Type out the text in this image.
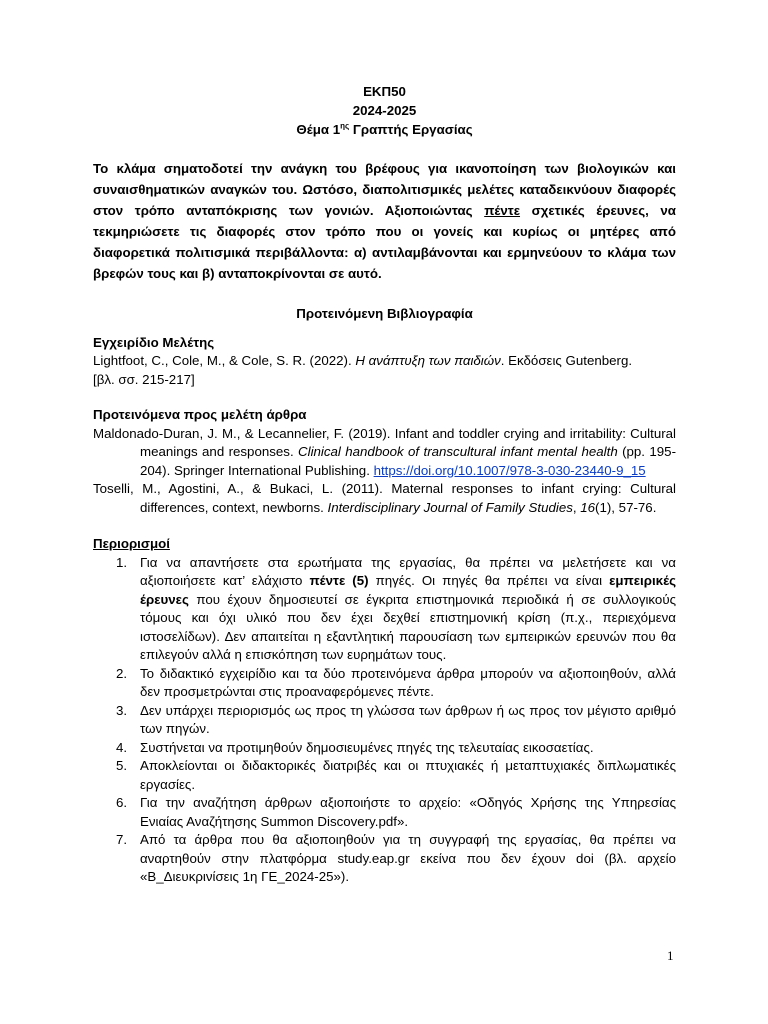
ΕΚΠ50
2024-2025
Θέμα $1^{\eta\varsigma}$ Γραπτής Εργασίας
Το κλάμα σηματοδοτεί την ανάγκη του βρέφους για ικανοποίηση των βιολογικών και συναισθηματικών αναγκών του. Ωστόσο, διαπολιτισμικές μελέτες καταδεικνύουν διαφορές στον τρόπο ανταπόκρισης των γονιών. Αξιοποιώντας πέντε σχετικές έρευνες, να τεκμηριώσετε τις διαφορές στον τρόπο που οι γονείς και κυρίως οι μητέρες από διαφορετικά πολιτισμικά περιβάλλοντα: α) αντιλαμβάνονται και ερμηνεύουν το κλάμα των βρεφών τους και β) ανταποκρίνονται σε αυτό.
Προτεινόμενη Βιβλιογραφία
Εγχειρίδιο Μελέτης
Lightfoot, C., Cole, M., & Cole, S. R. (2022). Η ανάπτυξη των παιδιών. Εκδόσεις Gutenberg.
[βλ. σσ. 215-217]
Προτεινόμενα προς μελέτη άρθρα
Maldonado-Duran, J. M., & Lecannelier, F. (2019). Infant and toddler crying and irritability: Cultural meanings and responses. Clinical handbook of transcultural infant mental health (pp. 195-204). Springer International Publishing. https://doi.org/10.1007/978-3-030-23440-9_15
Toselli, M., Agostini, A., & Bukaci, L. (2011). Maternal responses to infant crying: Cultural differences, context, newborns. Interdisciplinary Journal of Family Studies, 16(1), 57-76.
Περιορισμοί
1. Για να απαντήσετε στα ερωτήματα της εργασίας, θα πρέπει να μελετήσετε και να αξιοποιήσετε κατ’ ελάχιστο πέντε (5) πηγές. Οι πηγές θα πρέπει να είναι εμπειρικές έρευνες που έχουν δημοσιευτεί σε έγκριτα επιστημονικά περιοδικά ή σε συλλογικούς τόμους και όχι υλικό που δεν έχει δεχθεί επιστημονική κρίση (π.χ., περιεχόμενα ιστοσελίδων). Δεν απαιτείται η εξαντλητική παρουσίαση των εμπειρικών ερευνών που θα επιλεγούν αλλά η επισκόπηση των ευρημάτων τους.
2. Το διδακτικό εγχειρίδιο και τα δύο προτεινόμενα άρθρα μπορούν να αξιοποιηθούν, αλλά δεν προσμετρώνται στις προαναφερόμενες πέντε.
3. Δεν υπάρχει περιορισμός ως προς τη γλώσσα των άρθρων ή ως προς τον μέγιστο αριθμό των πηγών.
4. Συστήνεται να προτιμηθούν δημοσιευμένες πηγές της τελευταίας εικοσαετίας.
5. Αποκλείονται οι διδακτορικές διατριβές και οι πτυχιακές ή μεταπτυχιακές διπλωματικές εργασίες.
6. Για την αναζήτηση άρθρων αξιοποιήστε το αρχείο: «Οδηγός Χρήσης της Υπηρεσίας Ενιαίας Αναζήτησης Summon Discovery.pdf».
7. Από τα άρθρα που θα αξιοποιηθούν για τη συγγραφή της εργασίας, θα πρέπει να αναρτηθούν στην πλατφόρμα study.eap.gr εκείνα που δεν έχουν doi (βλ. αρχείο «Β_Διευκρινίσεις 1η ΓΕ_2024-25»).
1
